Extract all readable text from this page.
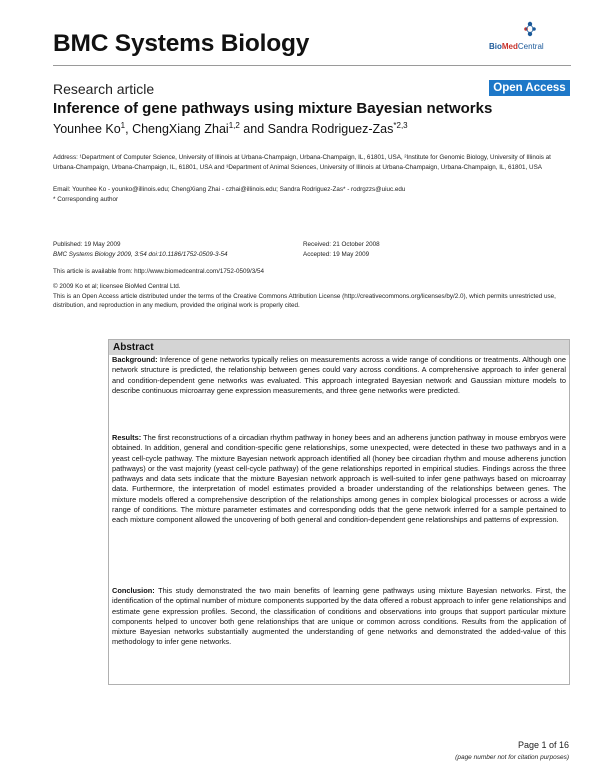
BMC Systems Biology	BioMedCentral
Research article	Open Access
Inference of gene pathways using mixture Bayesian networks
Younhee Ko$^1$, ChengXiang Zhai$^{1,2}$ and Sandra Rodriguez-Zas$^{*2,3}$
Address: ¹Department of Computer Science, University of Illinois at Urbana-Champaign, Urbana-Champaign, IL, 61801, USA, ²Institute for Genomic Biology, University of Illinois at Urbana-Champaign, Urbana-Champaign, IL, 61801, USA and ³Department of Animal Sciences, University of Illinois at Urbana-Champaign, Urbana-Champaign, IL, 61801, USA
Email: Younhee Ko - younko@illinois.edu; ChengXiang Zhai - czhai@illinois.edu; Sandra Rodriguez-Zas* - rodrgzzs@uiuc.edu
* Corresponding author
Published: 19 May 2009
BMC Systems Biology 2009, 3:54 doi:10.1186/1752-0509-3-54
Received: 21 October 2008
Accepted: 19 May 2009
This article is available from: http://www.biomedcentral.com/1752-0509/3/54
© 2009 Ko et al; licensee BioMed Central Ltd.
This is an Open Access article distributed under the terms of the Creative Commons Attribution License (http://creativecommons.org/licenses/by/2.0), which permits unrestricted use, distribution, and reproduction in any medium, provided the original work is properly cited.
Abstract
Background: Inference of gene networks typically relies on measurements across a wide range of conditions or treatments. Although one network structure is predicted, the relationship between genes could vary across conditions. A comprehensive approach to infer general and condition-dependent gene networks was evaluated. This approach integrated Bayesian network and Gaussian mixture models to describe continuous microarray gene expression measurements, and three gene networks were predicted.
Results: The first reconstructions of a circadian rhythm pathway in honey bees and an adherens junction pathway in mouse embryos were obtained. In addition, general and condition-specific gene relationships, some unexpected, were detected in these two pathways and in a yeast cell-cycle pathway. The mixture Bayesian network approach identified all (honey bee circadian rhythm and mouse adherens junction pathways) or the vast majority (yeast cell-cycle pathway) of the gene relationships reported in empirical studies. Findings across the three pathways and data sets indicate that the mixture Bayesian network approach is well-suited to infer gene pathways based on microarray data. Furthermore, the interpretation of model estimates provided a broader understanding of the relationships between genes. The mixture models offered a comprehensive description of the relationships among genes in complex biological processes or across a wide range of conditions. The mixture parameter estimates and corresponding odds that the gene network inferred for a sample pertained to each mixture component allowed the uncovering of both general and condition-dependent gene relationships and patterns of expression.
Conclusion: This study demonstrated the two main benefits of learning gene pathways using mixture Bayesian networks. First, the identification of the optimal number of mixture components supported by the data offered a robust approach to infer gene relationships and estimate gene expression profiles. Second, the classification of conditions and observations into groups that support particular mixture components helped to uncover both gene relationships that are unique or common across conditions. Results from the application of mixture Bayesian networks substantially augmented the understanding of gene networks and demonstrated the added-value of this methodology to infer gene networks.
Page 1 of 16
(page number not for citation purposes)
